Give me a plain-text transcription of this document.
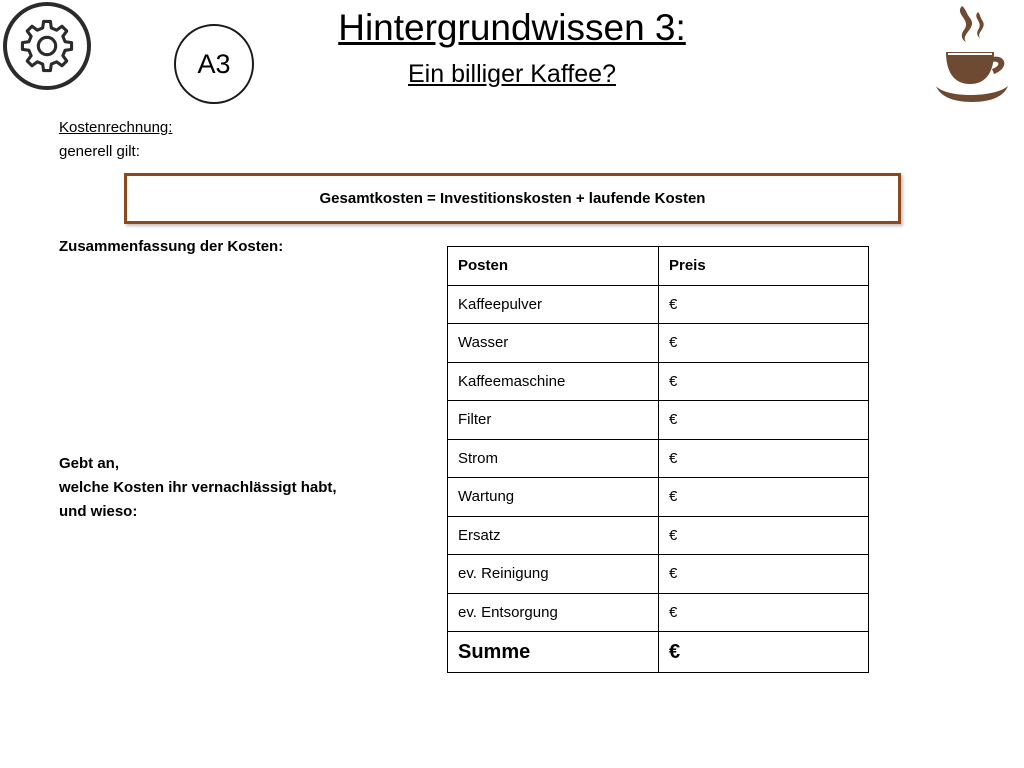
A3
Hintergrundwissen 3:
Ein billiger Kaffee?
Kostenrechnung:
generell gilt:
Gesamtkosten = Investitionskosten + laufende Kosten
Zusammenfassung der Kosten:
Gebt an,
welche Kosten ihr vernachlässigt habt,
und wieso:
Posten	Preis
Kaffeepulver	€
Wasser	€
Kaffeemaschine	€
Filter	€
Strom	€
Wartung	€
Ersatz	€
ev. Reinigung	€
ev. Entsorgung	€
Summe	€
